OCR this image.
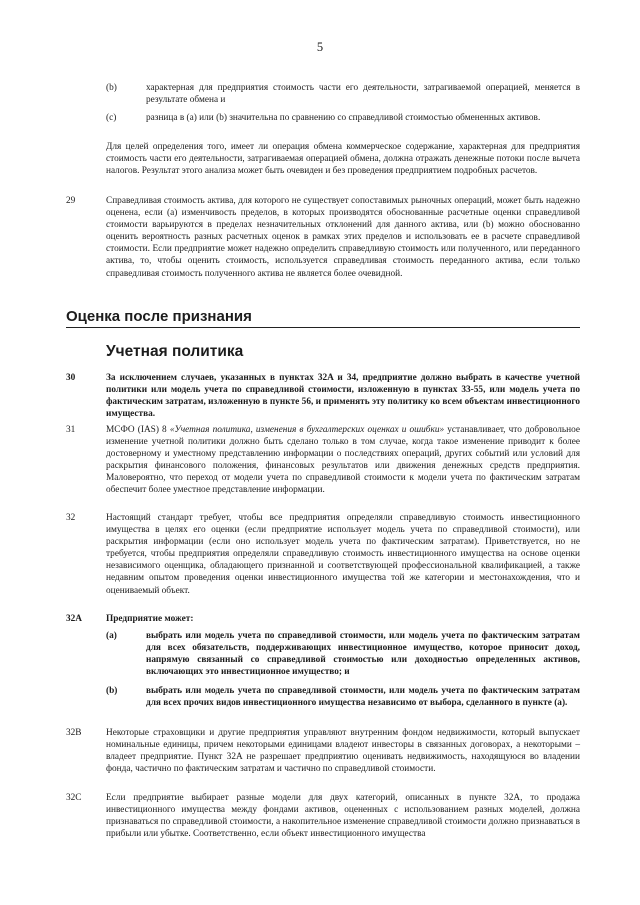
5
(b)	характерная для предприятия стоимость части его деятельности, затрагиваемой операцией, меняется в результате обмена и
(c)	разница в (a) или (b) значительна по сравнению со справедливой стоимостью обмененных активов.
Для целей определения того, имеет ли операция обмена коммерческое содержание, характерная для предприятия стоимость части его деятельности, затрагиваемая операцией обмена, должна отражать денежные потоки после вычета налогов. Результат этого анализа может быть очевиден и без проведения предприятием подробных расчетов.
29	Справедливая стоимость актива, для которого не существует сопоставимых рыночных операций, может быть надежно оценена, если (a) изменчивость пределов, в которых производятся обоснованные расчетные оценки справедливой стоимости варьируются в пределах незначительных отклонений для данного актива, или (b) можно обоснованно оценить вероятность разных расчетных оценок в рамках этих пределов и использовать ее в расчете справедливой стоимости. Если предприятие может надежно определить справедливую стоимость или полученного, или переданного актива, то, чтобы оценить стоимость, используется справедливая стоимость переданного актива, если только справедливая стоимость полученного актива не является более очевидной.
Оценка после признания
Учетная политика
30	За исключением случаев, указанных в пунктах 32A и 34, предприятие должно выбрать в качестве учетной политики или модель учета по справедливой стоимости, изложенную в пунктах 33-55, или модель учета по фактическим затратам, изложенную в пункте 56, и применять эту политику ко всем объектам инвестиционного имущества.
31	МСФО (IAS) 8 «Учетная политика, изменения в бухгалтерских оценках и ошибки» устанавливает, что добровольное изменение учетной политики должно быть сделано только в том случае, когда такое изменение приводит к более достоверному и уместному представлению информации о последствиях операций, других событий или условий для раскрытия финансового положения, финансовых результатов или движения денежных средств предприятия. Маловероятно, что переход от модели учета по справедливой стоимости к модели учета по фактическим затратам обеспечит более уместное представление информации.
32	Настоящий стандарт требует, чтобы все предприятия определяли справедливую стоимость инвестиционного имущества в целях его оценки (если предприятие использует модель учета по справедливой стоимости), или раскрытия информации (если оно использует модель учета по фактическим затратам). Приветствуется, но не требуется, чтобы предприятия определяли справедливую стоимость инвестиционного имущества на основе оценки независимого оценщика, обладающего признанной и соответствующей профессиональной квалификацией, а также недавним опытом проведения оценки инвестиционного имущества той же категории и местонахождения, что и оцениваемый объект.
32A	Предприятие может:
(a)	выбрать или модель учета по справедливой стоимости, или модель учета по фактическим затратам для всех обязательств, поддерживающих инвестиционное имущество, которое приносит доход, напрямую связанный со справедливой стоимостью или доходностью определенных активов, включающих это инвестиционное имущество; и
(b)	выбрать или модель учета по справедливой стоимости, или модель учета по фактическим затратам для всех прочих видов инвестиционного имущества независимо от выбора, сделанного в пункте (a).
32B	Некоторые страховщики и другие предприятия управляют внутренним фондом недвижимости, который выпускает номинальные единицы, причем некоторыми единицами владеют инвесторы в связанных договорах, а некоторыми – владеет предприятие. Пункт 32A не разрешает предприятию оценивать недвижимость, находящуюся во владении фонда, частично по фактическим затратам и частично по справедливой стоимости.
32C	Если предприятие выбирает разные модели для двух категорий, описанных в пункте 32A, то продажа инвестиционного имущества между фондами активов, оцененных с использованием разных моделей, должна признаваться по справедливой стоимости, а накопительное изменение справедливой стоимости должно признаваться в прибыли или убытке. Соответственно, если объект инвестиционного имущества
